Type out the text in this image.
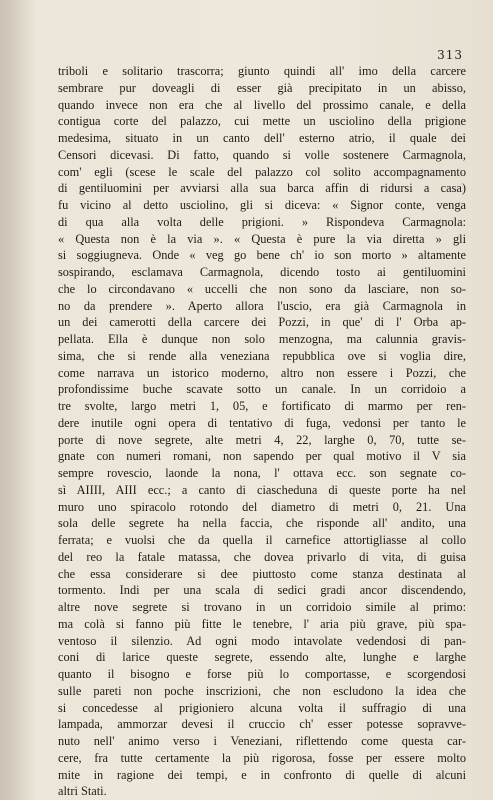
313
triboli e solitario trascorra; giunto quindi all' imo della carcere
sembrare pur doveagli di esser già precipitato in un abisso,
quando invece non era che al livello del prossimo canale, e della
contigua corte del palazzo, cui mette un usciolino della prigione
medesima, situato in un canto dell' esterno atrio, il quale dei
Censori dicevasi. Di fatto, quando si volle sostenere Carmagnola,
com' egli (scese le scale del palazzo col solito accompagnamento
di gentiluomini per avviarsi alla sua barca affin di ridursi a casa)
fu vicino al detto usciolino, gli si diceva: « Signor conte, venga
di qua alla volta delle prigioni. » Rispondeva Carmagnola:
« Questa non è la via ». « Questa è pure la via diretta » gli
si soggiugneva. Onde « veg go bene ch' io son morto » altamente
sospirando, esclamava Carmagnola, dicendo tosto ai gentiluomini
che lo circondavano « uccelli che non sono da lasciare, non so-
no da prendere ». Aperto allora l'uscio, era già Carmagnola in
un dei camerotti della carcere dei Pozzi, in que' di l' Orba ap-
pellata. Ella è dunque non solo menzogna, ma calunnia gravis-
sima, che si rende alla veneziana repubblica ove si voglia dire,
come narrava un istorico moderno, altro non essere i Pozzi, che
profondissime buche scavate sotto un canale. In un corridoio a
tre svolte, largo metri 1, 05, e fortificato di marmo per ren-
dere inutile ogni opera di tentativo di fuga, vedonsi per tanto le
porte di nove segrete, alte metri 4, 22, larghe 0, 70, tutte se-
gnate con numeri romani, non sapendo per qual motivo il V sia
sempre rovescio, laonde la nona, l' ottava ecc. son segnate co-
sì AIIII, AIII ecc.; a canto di ciascheduna di queste porte ha nel
muro uno spiracolo rotondo del diametro di metri 0, 21. Una
sola delle segrete ha nella faccia, che risponde all' andito, una
ferrata; e vuolsi che da quella il carnefice attortigliasse al collo
del reo la fatale matassa, che dovea privarlo di vita, di guisa
che essa considerare si dee piuttosto come stanza destinata al
tormento. Indi per una scala di sedici gradi ancor discendendo,
altre nove segrete si trovano in un corridoio simile al primo:
ma colà si fanno più fitte le tenebre, l' aria più grave, più spa-
ventoso il silenzio. Ad ogni modo intavolate vedendosi di pan-
coni di larice queste segrete, essendo alte, lunghe e larghe
quanto il bisogno e forse più lo comportasse, e scorgendosi
sulle pareti non poche inscrizioni, che non escludono la idea che
si concedesse al prigioniero alcuna volta il suffragio di una
lampada, ammorzar devesi il cruccio ch' esser potesse sopravve-
nuto nell' animo verso i Veneziani, riflettendo come questa car-
cere, fra tutte certamente la più rigorosa, fosse per essere molto
mite in ragione dei tempi, e in confronto di quelle di alcuni
altri Stati.
